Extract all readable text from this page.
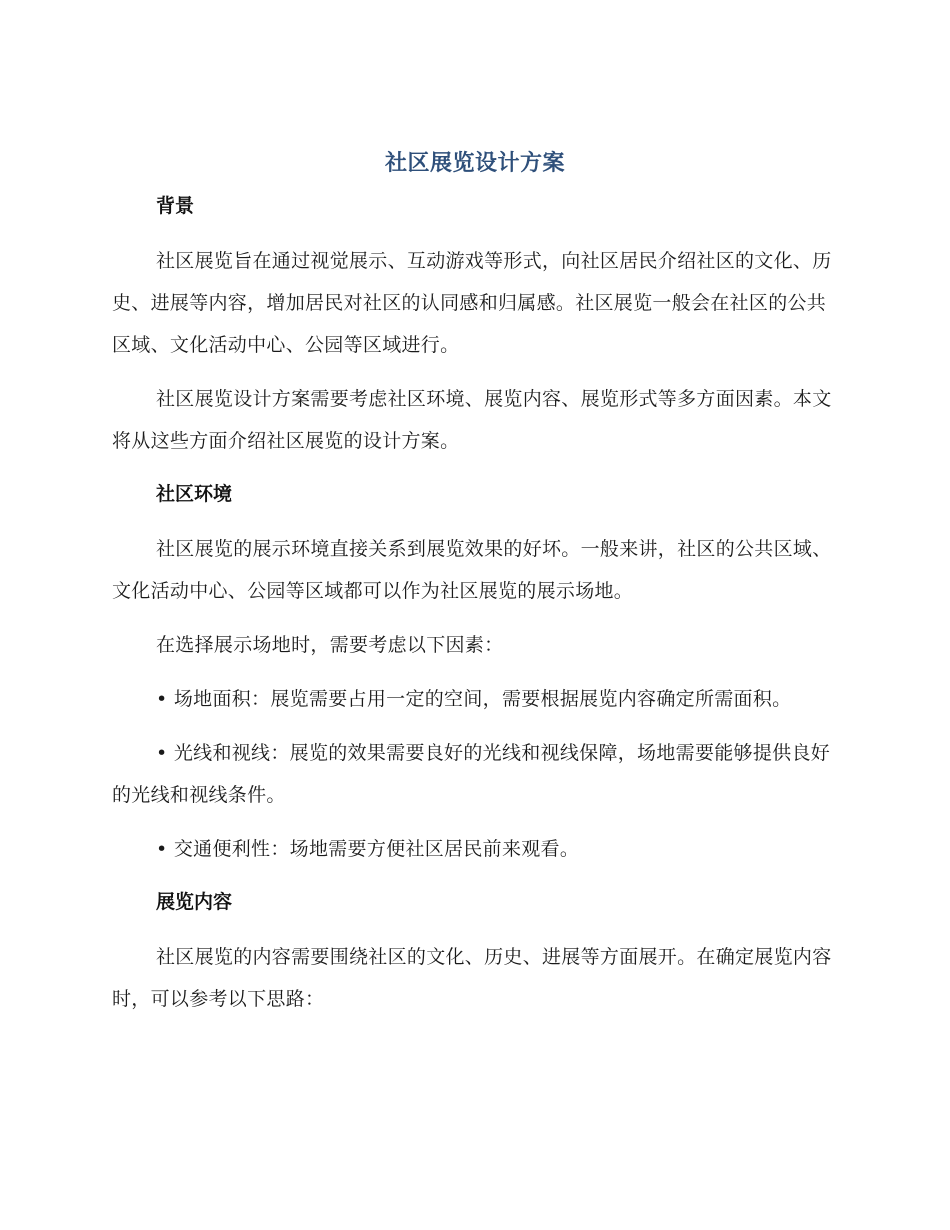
社区展览设计方案
背景

社区展览旨在通过视觉展示、互动游戏等形式，向社区居民介绍社区的文化、历史、进展等内容，增加居民对社区的认同感和归属感。社区展览一般会在社区的公共区域、文化活动中心、公园等区域进行。

社区展览设计方案需要考虑社区环境、展览内容、展览形式等多方面因素。本文将从这些方面介绍社区展览的设计方案。

社区环境

社区展览的展示环境直接关系到展览效果的好坏。一般来讲，社区的公共区域、文化活动中心、公园等区域都可以作为社区展览的展示场地。

在选择展示场地时，需要考虑以下因素：

• 场地面积：展览需要占用一定的空间，需要根据展览内容确定所需面积。

• 光线和视线：展览的效果需要良好的光线和视线保障，场地需要能够提供良好的光线和视线条件。

• 交通便利性：场地需要方便社区居民前来观看。

展览内容

社区展览的内容需要围绕社区的文化、历史、进展等方面展开。在确定展览内容时，可以参考以下思路：
